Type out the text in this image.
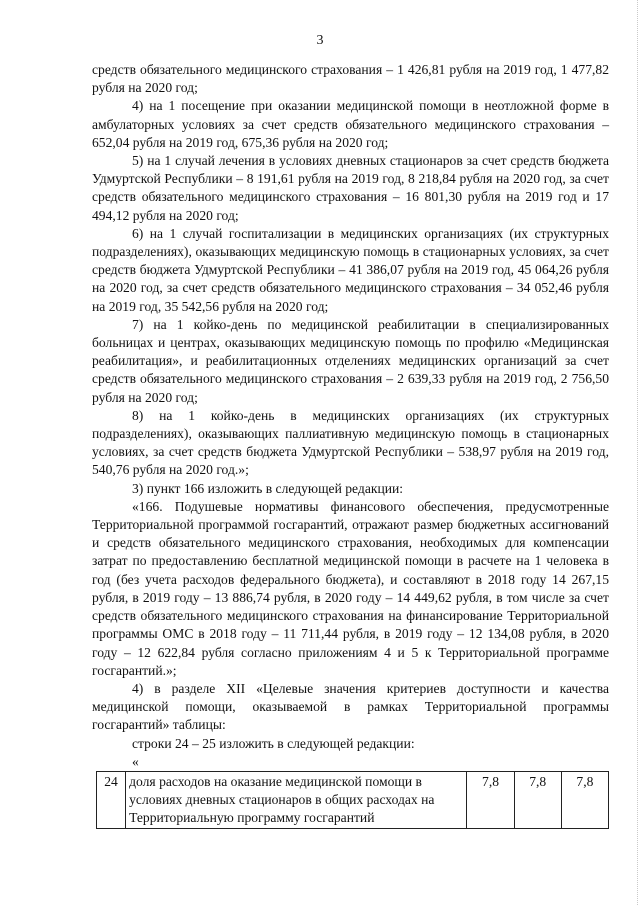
3

средств обязательного медицинского страхования – 1 426,81 рубля на 2019 год, 1 477,82 рубля на 2020 год;

4) на 1 посещение при оказании медицинской помощи в неотложной форме в амбулаторных условиях за счет средств обязательного медицинского страхования – 652,04 рубля на 2019 год, 675,36 рубля на 2020 год;

5) на 1 случай лечения в условиях дневных стационаров за счет средств бюджета Удмуртской Республики – 8 191,61 рубля на 2019 год, 8 218,84 рубля на 2020 год, за счет средств обязательного медицинского страхования – 16 801,30 рубля на 2019 год и 17 494,12 рубля на 2020 год;

6) на 1 случай госпитализации в медицинских организациях (их структурных подразделениях), оказывающих медицинскую помощь в стационарных условиях, за счет средств бюджета Удмуртской Республики – 41 386,07 рубля на 2019 год, 45 064,26 рубля на 2020 год, за счет средств обязательного медицинского страхования – 34 052,46 рубля на 2019 год, 35 542,56 рубля на 2020 год;

7) на 1 койко-день по медицинской реабилитации в специализированных больницах и центрах, оказывающих медицинскую помощь по профилю «Медицинская реабилитация», и реабилитационных отделениях медицинских организаций за счет средств обязательного медицинского страхования – 2 639,33 рубля на 2019 год, 2 756,50 рубля на 2020 год;

8) на 1 койко-день в медицинских организациях (их структурных подразделениях), оказывающих паллиативную медицинскую помощь в стационарных условиях, за счет средств бюджета Удмуртской Республики – 538,97 рубля на 2019 год, 540,76 рубля на 2020 год.»;

3) пункт 166 изложить в следующей редакции:

«166. Подушевые нормативы финансового обеспечения, предусмотренные Территориальной программой госгарантий, отражают размер бюджетных ассигнований и средств обязательного медицинского страхования, необходимых для компенсации затрат по предоставлению бесплатной медицинской помощи в расчете на 1 человека в год (без учета расходов федерального бюджета), и составляют в 2018 году 14 267,15 рубля, в 2019 году – 13 886,74 рубля, в 2020 году – 14 449,62 рубля, в том числе за счет средств обязательного медицинского страхования на финансирование Территориальной программы ОМС в 2018 году – 11 711,44 рубля, в 2019 году – 12 134,08 рубля, в 2020 году – 12 622,84 рубля согласно приложениям 4 и 5 к Территориальной программе госгарантий.»;

4) в разделе XII «Целевые значения критериев доступности и качества медицинской помощи, оказываемой в рамках Территориальной программы госгарантий» таблицы:

строки 24 – 25 изложить в следующей редакции:

«
24	доля расходов на оказание медицинской помощи в условиях дневных стационаров в общих расходах на Территориальную программу госгарантий	7,8	7,8	7,8
